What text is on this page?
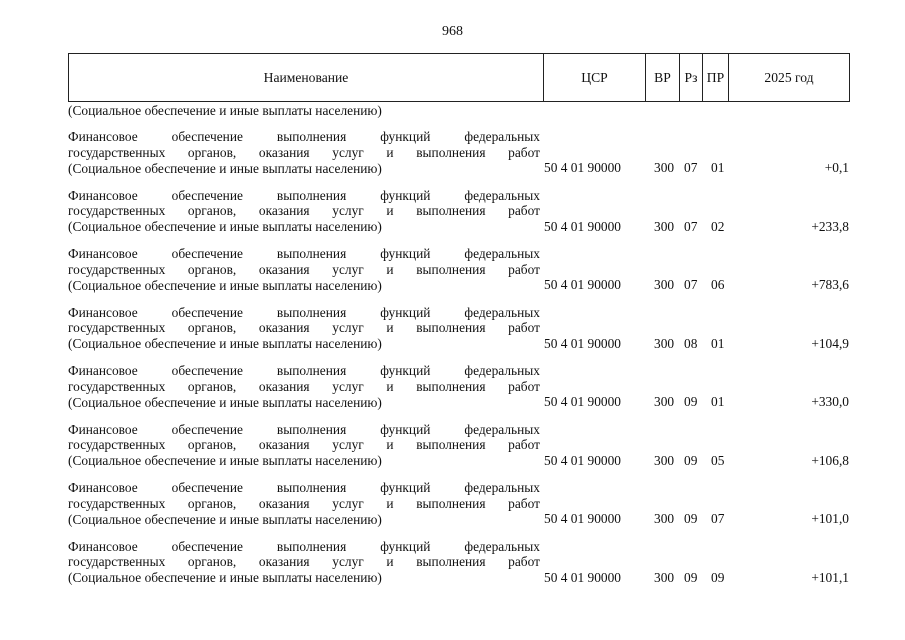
968
Наименование	ЦСР	ВР	Рз ПР	2025 год
(Социальное обеспечение и иные выплаты населению)
Финансовое обеспечение выполнения функций федеральных
государственных органов, оказания услуг и выполнения работ
(Социальное обеспечение и иные выплаты населению)	50 4 01 90000	300 07	01	+0,1
Финансовое обеспечение выполнения функций федеральных
государственных органов, оказания услуг и выполнения работ
(Социальное обеспечение и иные выплаты населению)	50 4 01 90000	300 07	02	+233,8
Финансовое обеспечение выполнения функций федеральных
государственных органов, оказания услуг и выполнения работ
(Социальное обеспечение и иные выплаты населению)	50 4 01 90000	300 07	06	+783,6
Финансовое обеспечение выполнения функций федеральных
государственных органов, оказания услуг и выполнения работ
(Социальное обеспечение и иные выплаты населению)	50 4 01 90000	300 08	01	+104,9
Финансовое обеспечение выполнения функций федеральных
государственных органов, оказания услуг и выполнения работ
(Социальное обеспечение и иные выплаты населению)	50 4 01 90000	300 09	01	+330,0
Финансовое обеспечение выполнения функций федеральных
государственных органов, оказания услуг и выполнения работ
(Социальное обеспечение и иные выплаты населению)	50 4 01 90000	300 09	05	+106,8
Финансовое обеспечение выполнения функций федеральных
государственных органов, оказания услуг и выполнения работ
(Социальное обеспечение и иные выплаты населению)	50 4 01 90000	300 09	07	+101,0
Финансовое обеспечение выполнения функций федеральных
государственных органов, оказания услуг и выполнения работ
(Социальное обеспечение и иные выплаты населению)	50 4 01 90000	300 09	09	+101,1
